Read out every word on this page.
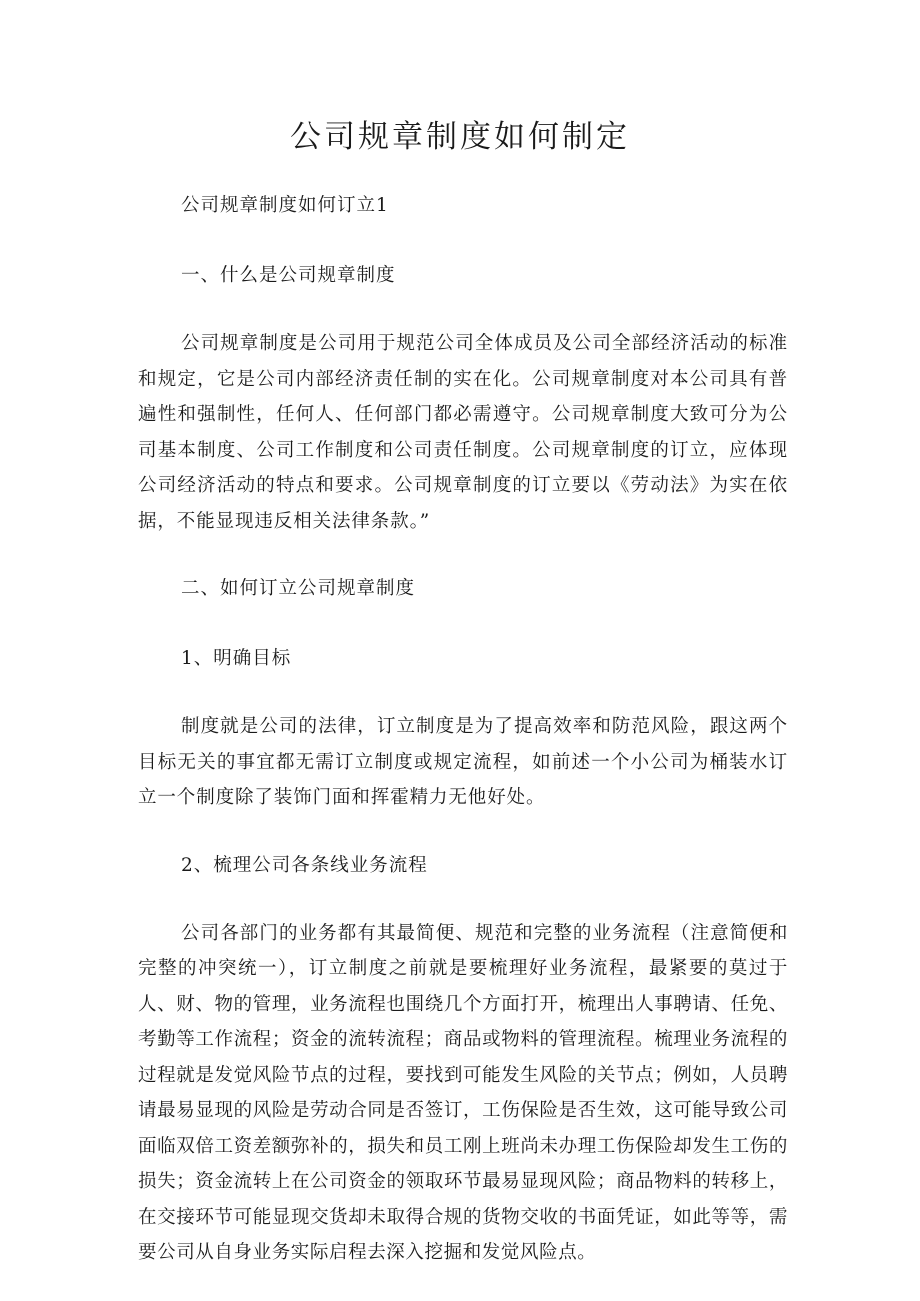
公司规章制度如何制定

公司规章制度如何订立1

一、什么是公司规章制度

公司规章制度是公司用于规范公司全体成员及公司全部经济活动的标准和规定，它是公司内部经济责任制的实在化。公司规章制度对本公司具有普遍性和强制性，任何人、任何部门都必需遵守。公司规章制度大致可分为公司基本制度、公司工作制度和公司责任制度。公司规章制度的订立，应体现公司经济活动的特点和要求。公司规章制度的订立要以《劳动法》为实在依据，不能显现违反相关法律条款。”

二、如何订立公司规章制度

1、明确目标

制度就是公司的法律，订立制度是为了提高效率和防范风险，跟这两个目标无关的事宜都无需订立制度或规定流程，如前述一个小公司为桶装水订立一个制度除了装饰门面和挥霍精力无他好处。

2、梳理公司各条线业务流程

公司各部门的业务都有其最简便、规范和完整的业务流程（注意简便和完整的冲突统一），订立制度之前就是要梳理好业务流程，最紧要的莫过于人、财、物的管理，业务流程也围绕几个方面打开，梳理出人事聘请、任免、考勤等工作流程；资金的流转流程；商品或物料的管理流程。梳理业务流程的过程就是发觉风险节点的过程，要找到可能发生风险的关节点；例如，人员聘请最易显现的风险是劳动合同是否签订，工伤保险是否生效，这可能导致公司面临双倍工资差额弥补的，损失和员工刚上班尚未办理工伤保险却发生工伤的损失；资金流转上在公司资金的领取环节最易显现风险；商品物料的转移上，在交接环节可能显现交货却未取得合规的货物交收的书面凭证，如此等等，需要公司从自身业务实际启程去深入挖掘和发觉风险点。
